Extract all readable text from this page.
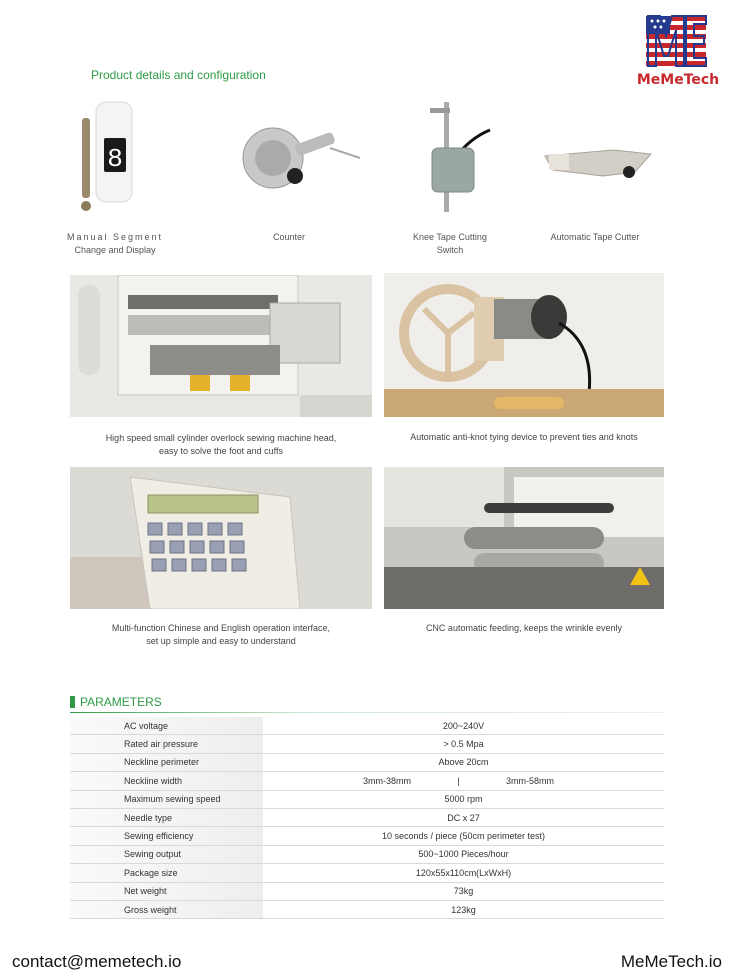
MeMeTech
Product details and configuration
8
Manual Segment
Change and Display
Counter	Knee Tape Cutting
Switch
Automatic Tape Cutter
High speed small cylinder overlock sewing machine head,
easy to solve the foot and cuffs
Automatic anti-knot tying device to prevent ties and knots
Multi-function Chinese and English operation interface,
set up simple and easy to understand
CNC automatic feeding, keeps the wrinkle evenly
PARAMETERS
AC voltage	200~240V
Rated air pressure	> 0.5 Mpa
Neckline perimeter	Above 20cm
Neckline width	3mm-38mm | 3mm-58mm

Maximum sewing speed	5000 rpm
Needle type	DC x 27
Sewing efficiency	10 seconds / piece (50cm perimeter test)
Sewing output	500~1000 Pieces/hour
Package size	120x55x110cm(LxWxH)
Net weight	73kg
Gross weight	123kg
contact@memetech.io	MeMeTech.io
